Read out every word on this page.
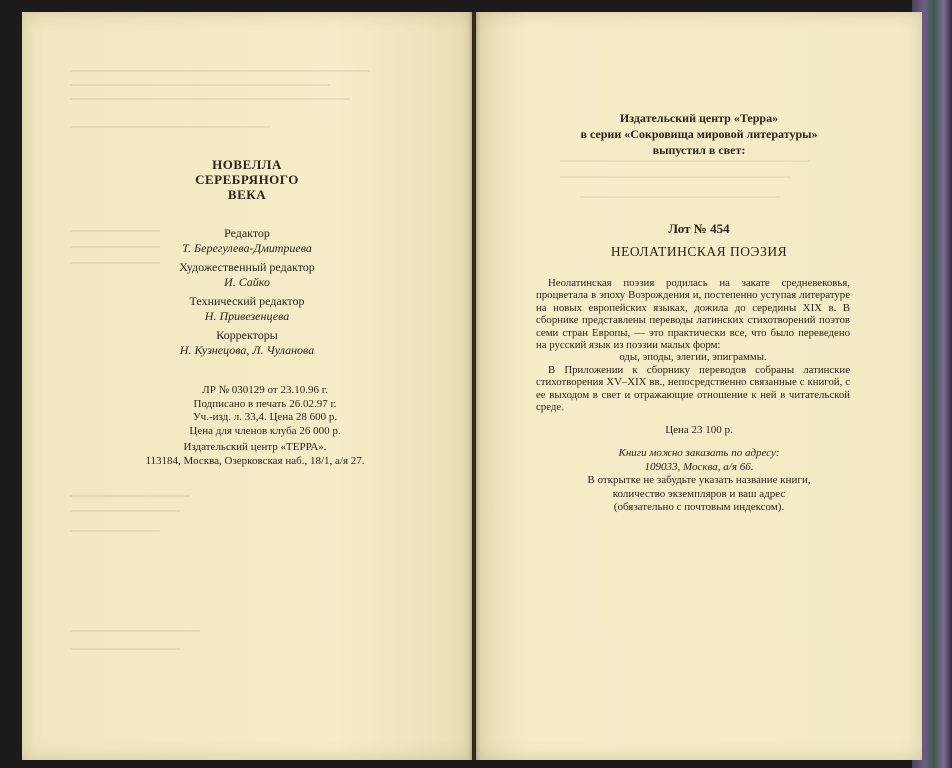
НОВЕЛЛА
СЕРЕБРЯНОГО
ВЕКА
Редактор
Т. Берегулева-Дмитриева
Художественный редактор
И. Сайко
Технический редактор
Н. Привезенцева
Корректоры
Н. Кузнецова, Л. Чуланова
ЛР № 030129 от 23.10.96 г.
Подписано в печать 26.02.97 г.
Уч.-изд. л. 33,4. Цена 28 600 р.
Цена для членов клуба 26 000 р.
Издательский центр «ТЕРРА».
113184, Москва, Озерковская наб., 18/1, а/я 27.
Издательский центр «Терра»
в серии «Сокровища мировой литературы»
выпустил в свет:
Лот № 454
НЕОЛАТИНСКАЯ ПОЭЗИЯ

Неолатинская поэзия родилась на закате средневековья, процветала в эпоху Возрождения и, постепенно уступая литературе на новых европейских языках, дожила до середины XIX в. В сборнике представлены переводы латинских стихотворений поэтов семи стран Европы, — это практически все, что было переведено на русский язык из поэзии малых форм:

оды, эподы, элегии, эпиграммы.

В Приложении к сборнику переводов собраны латинские стихотворения XV–XIX вв., непосредственно связанные с книгой, с ее выходом в свет и отражающие отношение к ней в читательской среде.

Цена 23 100 р.
Книги можно заказать по адресу:
109033, Москва, а/я 66.
В открытке не забудьте указать название книги,
количество экземпляров и ваш адрес
(обязательно с почтовым индексом).
